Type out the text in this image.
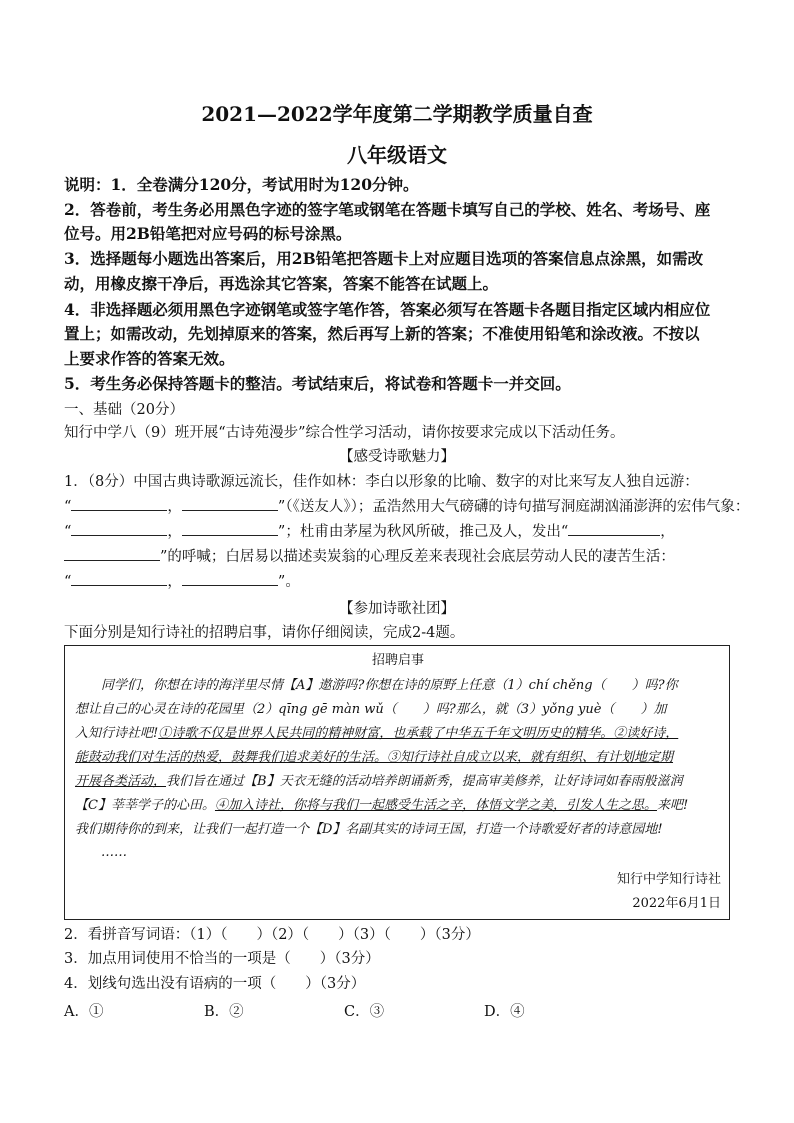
2021—2022学年度第二学期教学质量自查
八年级语文
说明：1．全卷满分120分，考试用时为120分钟。
2．答卷前，考生务必用黑色字迹的签字笔或钢笔在答题卡填写自己的学校、姓名、考场号、座
位号。用2B铅笔把对应号码的标号涂黑。
3．选择题每小题选出答案后，用2B铅笔把答题卡上对应题目选项的答案信息点涂黑，如需改
动，用橡皮擦干净后，再选涂其它答案，答案不能答在试题上。
4．非选择题必须用黑色字迹钢笔或签字笔作答，答案必须写在答题卡各题目指定区域内相应位
置上；如需改动，先划掉原来的答案，然后再写上新的答案；不准使用铅笔和涂改液。不按以
上要求作答的答案无效。
5．考生务必保持答题卡的整洁。考试结束后，将试卷和答题卡一并交回。
一、基础（20分）
知行中学八（9）班开展“古诗苑漫步”综合性学习活动，请你按要求完成以下活动任务。
【感受诗歌魅力】
1．（8分）中国古典诗歌源远流长，佳作如林：李白以形象的比喻、数字的对比来写友人独自远游：
“	，	”（《送友人》）；孟浩然用大气磅礴的诗句描写洞庭湖汹涌澎湃的宏伟气象：
“	，	”；杜甫由茅屋为秋风所破，推己及人，发出“	，
”的呼喊；白居易以描述卖炭翁的心理反差来表现社会底层劳动人民的凄苦生活：
“	，	”。
【参加诗歌社团】
下面分别是知行诗社的招聘启事，请你仔细阅读，完成2-4题。
招聘启事
同学们，你想在诗的海洋里尽情【A】遨游吗?你想在诗的原野上任意（1）chí chěng（　　）吗?你
想让自己的心灵在诗的花园里（2）qīng gē màn wǔ（　　）吗?那么，就（3）yǒng yuè（　　）加
入知行诗社吧!①诗歌不仅是世界人民共同的精神财富，也承载了中华五千年文明历史的精华。②读好诗，
能鼓动我们对生活的热爱，鼓舞我们追求美好的生活。③知行诗社自成立以来，就有组织、有计划地定期
开展各类活动，我们旨在通过【B】天衣无缝的活动培养朗诵新秀，提高审美修养，让好诗词如春雨般滋润
【C】莘莘学子的心田。④加入诗社，你将与我们一起感受生活之辛，体悟文学之美，引发人生之思。来吧!
我们期待你的到来，让我们一起打造一个【D】名副其实的诗词王国，打造一个诗歌爱好者的诗意园地!
……
知行中学知行诗社
2022年6月1日
2．看拼音写词语：（1）（　　）（2）（　　）（3）（　　）（3分）
3．加点用词使用不恰当的一项是（　　）（3分）
4．划线句选出没有语病的一项（　　）（3分）
A．①	B．②	C．③	D．④
